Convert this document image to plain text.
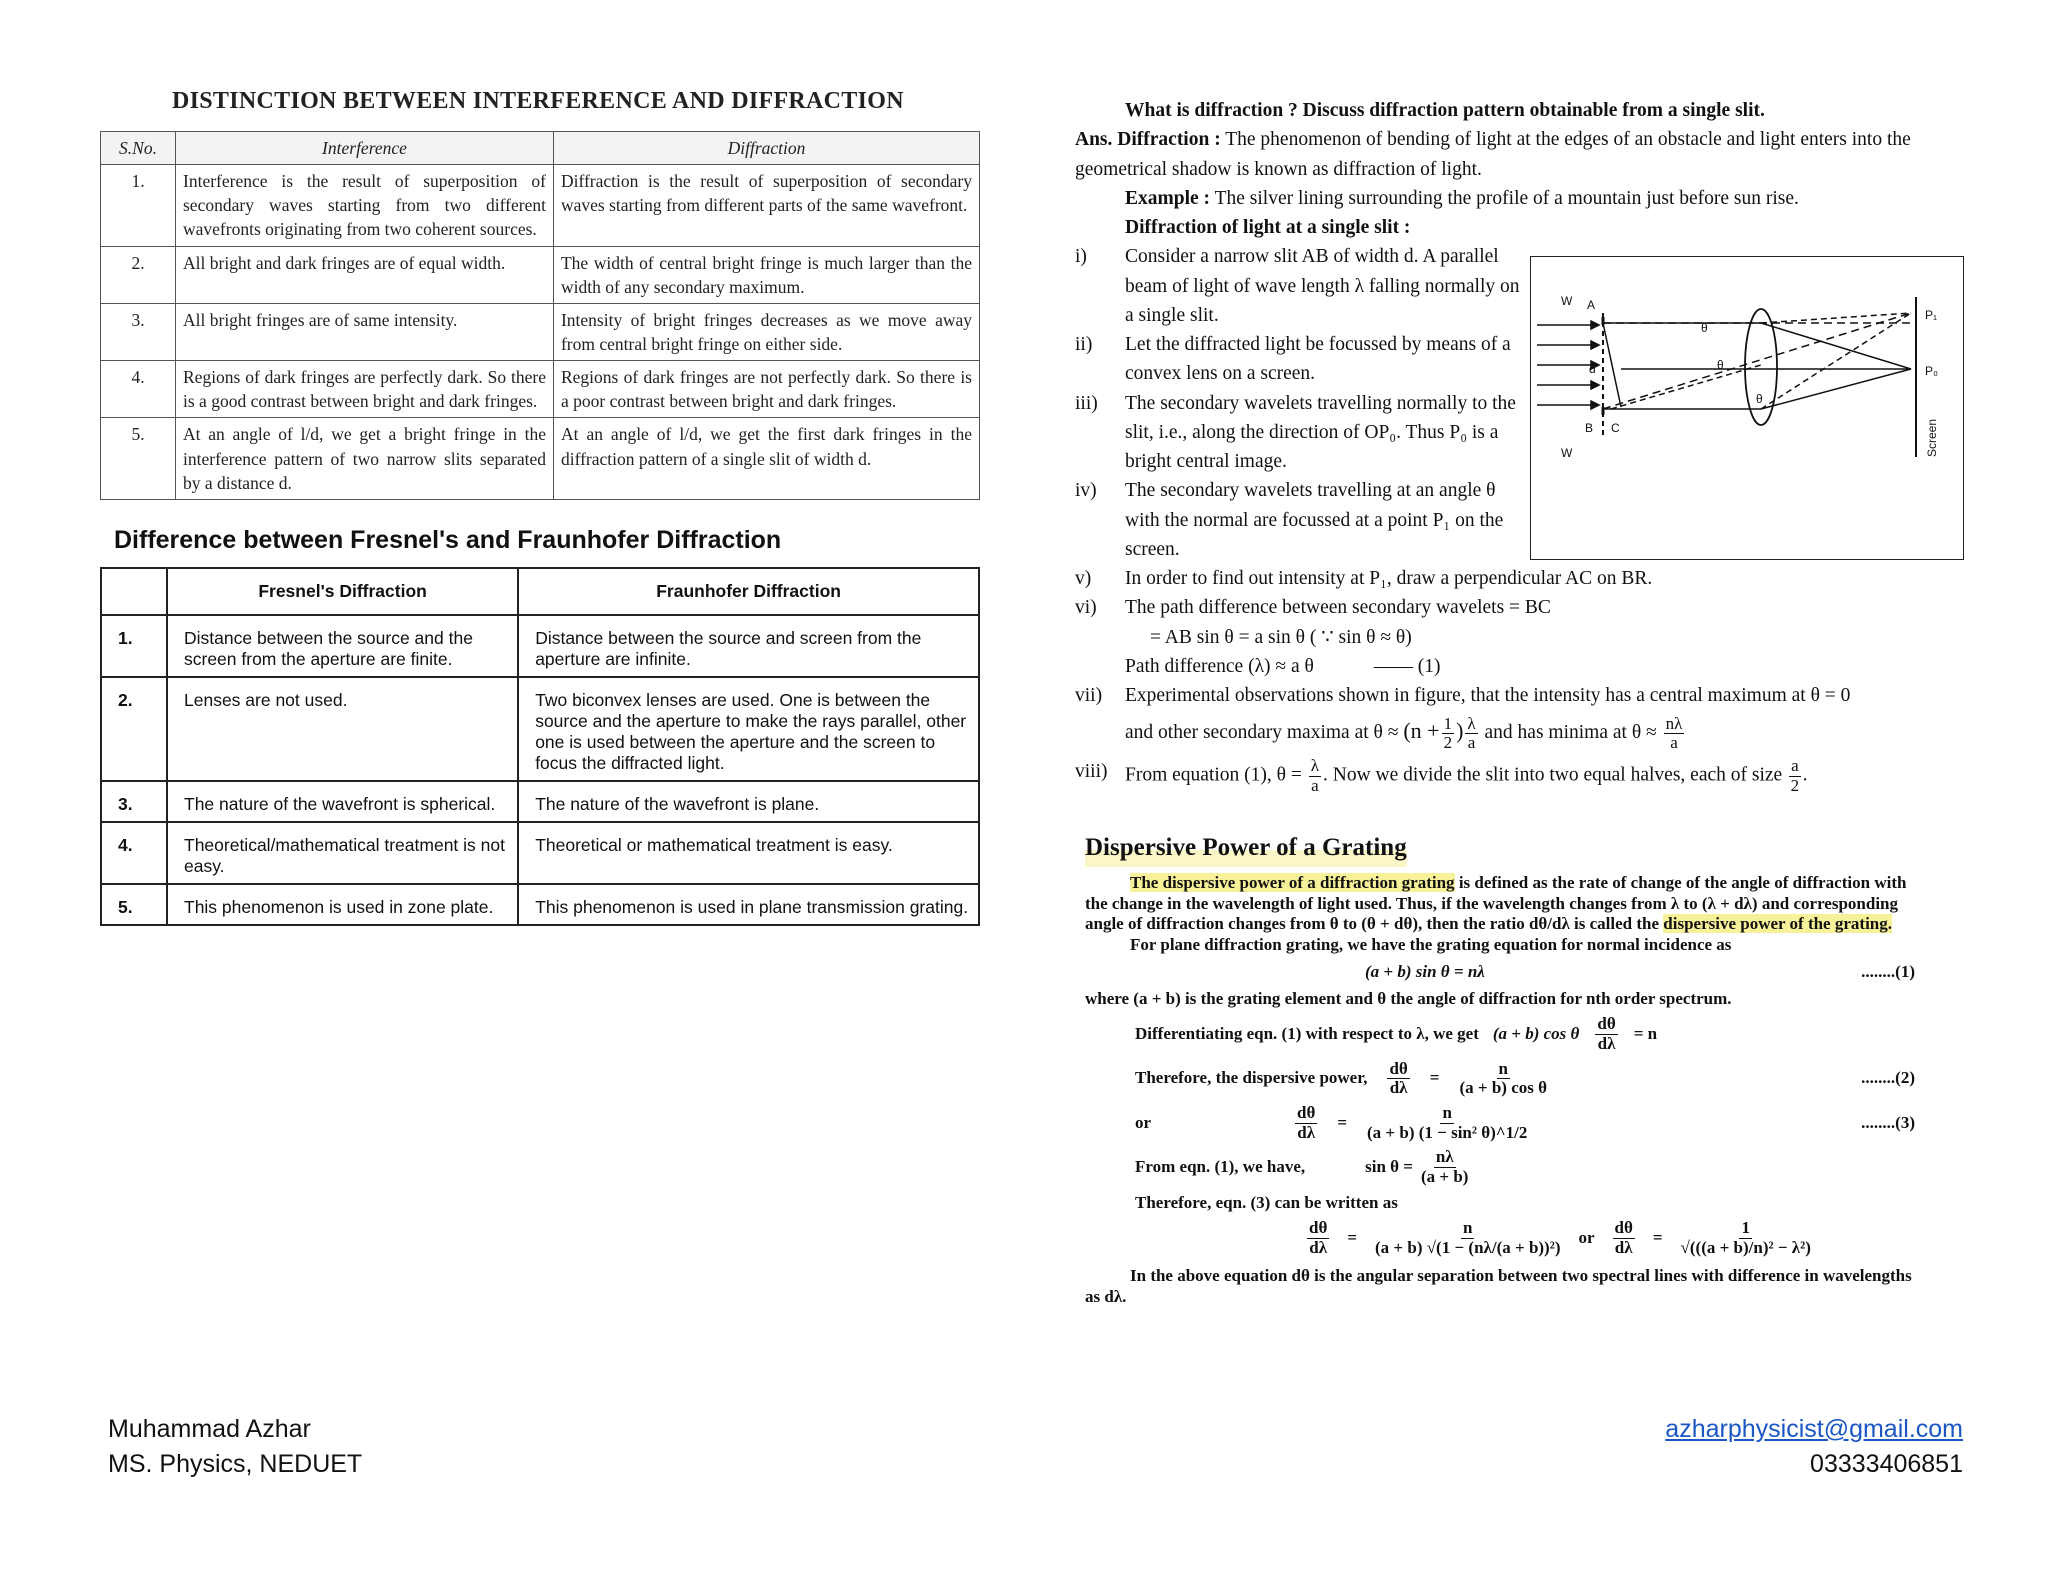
DISTINCTION BETWEEN INTERFERENCE AND DIFFRACTION
S.No.	Interference	Diffraction
1.	Interference is the result of superposition of secondary waves starting from two different wavefronts originating from two coherent sources.	Diffraction is the result of superposition of secondary waves starting from different parts of the same wavefront.
2.	All bright and dark fringes are of equal width.	The width of central bright fringe is much larger than the width of any secondary maximum.
3.	All bright fringes are of same intensity.	Intensity of bright fringes decreases as we move away from central bright fringe on either side.
4.	Regions of dark fringes are perfectly dark. So there is a good contrast between bright and dark fringes.	Regions of dark fringes are not perfectly dark. So there is a poor contrast between bright and dark fringes.
5.	At an angle of l/d, we get a bright fringe in the interference pattern of two narrow slits separated by a distance d.	At an angle of l/d, we get the first dark fringes in the diffraction pattern of a single slit of width d.
Difference between Fresnel's and Fraunhofer Diffraction
	Fresnel's Diffraction	Fraunhofer Diffraction
1.	Distance between the source and the screen from the aperture are finite.	Distance between the source and screen from the aperture are infinite.
2.	Lenses are not used.	Two biconvex lenses are used. One is between the source and the aperture to make the rays parallel, other one is used between the aperture and the screen to focus the diffracted light.
3.	The nature of the wavefront is spherical.	The nature of the wavefront is plane.
4.	Theoretical/mathematical treatment is not easy.	Theoretical or mathematical treatment is easy.
5.	This phenomenon is used in zone plate.	This phenomenon is used in plane transmission grating.

What is diffraction ? Discuss diffraction pattern obtainable from a single slit.

Ans. Diffraction : The phenomenon of bending of light at the edges of an obstacle and light enters into the geometrical shadow is known as diffraction of light.

Example : The silver lining surrounding the profile of a mountain just before sun rise.

Diffraction of light at a single slit :

i)	Consider a narrow slit AB of width d. A parallel beam of light of wave length λ falling normally on a single slit.
ii)	Let the diffracted light be focussed by means of a convex lens on a screen.
iii)	The secondary wavelets travelling normally to the slit, i.e., along the direction of OP₀. Thus P₀ is a bright central image.
iv)	The secondary wavelets travelling at an angle θ with the normal are focussed at a point P₁ on the screen.
v)	In order to find out intensity at P₁, draw a perpendicular AC on BR.
vi)	The path difference between secondary wavelets = BC

= AB sin θ = a sin θ ( ∵ sin θ ≈ θ)

Path difference (λ) ≈ a θ	—— (1)

vii)	Experimental observations shown in figure, that the intensity has a central maximum at θ = 0

and other secondary maxima at $\theta \approx (n + \frac{1}{2}$ ) $\frac{\lambda}{a}$ and has minima at $\theta \approx \frac{n\lambda}{a}$

viii) From equation (1), $\theta = \frac{\lambda}{a}$ . Now we divide the slit into two equal halves, each of size $\frac{a}{2}$ .
W
W
A
B C
d
θ
θ
θ
P₁
P₀
Screen
Dispersive Power of a Grating

The dispersive power of a diffraction grating is defined as the rate of change of the angle of diffraction with the change in the wavelength of light used. Thus, if the wavelength changes from λ to (λ + dλ) and corresponding angle of diffraction changes from θ to (θ + dθ), then the ratio dθ/dλ is called the dispersive power of the grating.

For plane diffraction grating, we have the grating equation for normal incidence as

(a + b) sin θ = nλ	........(1)

where (a + b) is the grating element and θ the angle of diffraction for nth order spectrum.

Differentiating eqn. (1) with respect to λ, we get (a + b) cos θ $\frac{d\theta}{d\lambda} = n$
Therefore, the dispersive power, $\frac{d\theta}{d\lambda} = \frac{n}{\text{(a + b) cos θ}}$	........(2)
or	$\frac{d\theta}{d\lambda} = \frac{n}{\text{(a + b) (1 − sin² θ)\textasciicircum{}1/2}}$	........(3)
From eqn. (1), we have,	$\sin \theta = \frac{n\lambda}{(a + b)}$

Therefore, eqn. (3) can be written as

$\frac{d\theta}{d\lambda} = \frac{n}{\text{(a + b) √(1 − (nλ/(a + b))²)}}$ or $\frac{d\theta}{d\lambda} = \frac{1}{\text{√(((a + b)/n)² − λ²)}}$

In the above equation dθ is the angular separation between two spectral lines with difference in wavelengths as dλ.

Muhammad Azhar
MS. Physics, NEDUET
azharphysicist@gmail.com
03333406851
